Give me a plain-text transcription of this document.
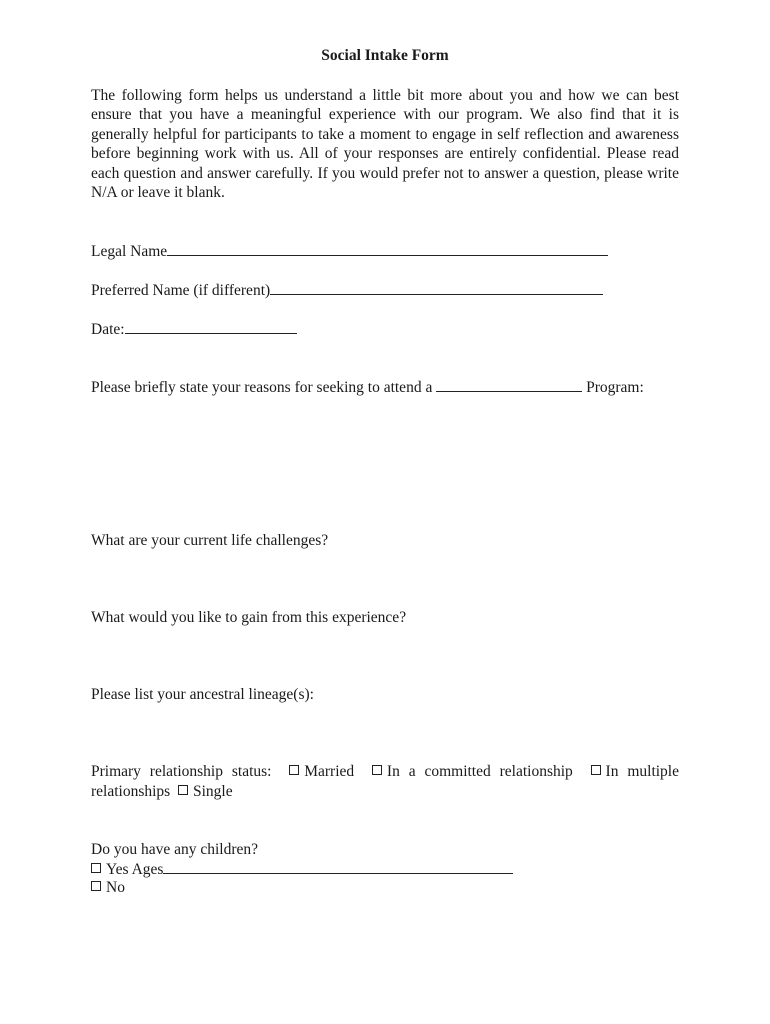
Social Intake Form
The following form helps us understand a little bit more about you and how we can best ensure that you have a meaningful experience with our program. We also find that it is generally helpful for participants to take a moment to engage in self reflection and awareness before beginning work with us. All of your responses are entirely confidential. Please read each question and answer carefully. If you would prefer not to answer a question, please write N/A or leave it blank.
Legal Name
Preferred Name (if different)
Date:
Please briefly state your reasons for seeking to attend a	Program:
What are your current life challenges?
What would you like to gain from this experience?
Please list your ancestral lineage(s):
Primary relationship status: Married In a committed relationship In multiple relationships Single
Do you have any children?
Yes Ages
No
